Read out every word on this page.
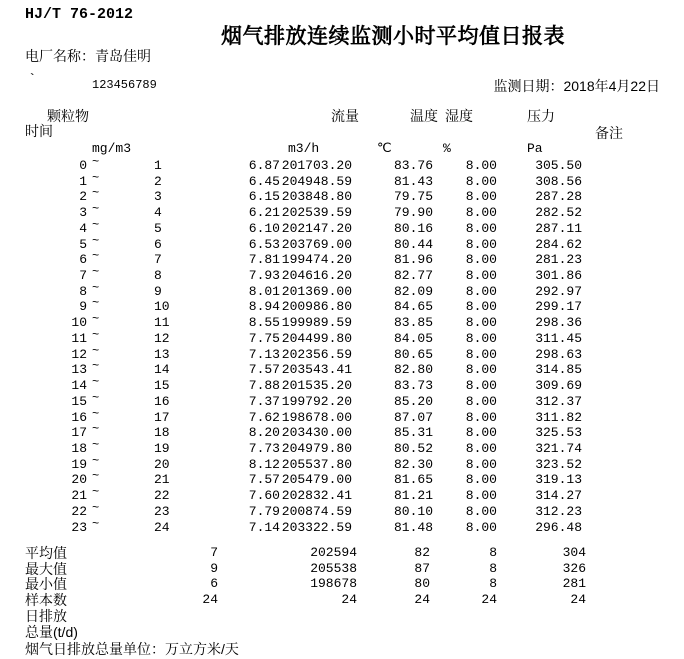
HJ/T 76-2012
烟气排放连续监测小时平均值日报表
电厂名称：青岛佳明
`	123456789	监测日期：2018年4月22日
颗粒物
时间
流量	温度 湿度	压力
备注
mg/m3	m3/h	℃	%	Pa
0 ~	1	6.87 201703.20	83.76	8.00	305.50
1 ~	2	6.45 204948.59	81.43	8.00	308.56
2 ~	3	6.15 203848.80	79.75	8.00	287.28
3 ~	4	6.21 202539.59	79.90	8.00	282.52
4 ~	5	6.10 202147.20	80.16	8.00	287.11
5 ~	6	6.53 203769.00	80.44	8.00	284.62
6 ~	7	7.81 199474.20	81.96	8.00	281.23
7 ~	8	7.93 204616.20	82.77	8.00	301.86
8 ~	9	8.01 201369.00	82.09	8.00	292.97
9 ~	10	8.94 200986.80	84.65	8.00	299.17
10 ~	11	8.55 199989.59	83.85	8.00	298.36
11 ~	12	7.75 204499.80	84.05	8.00	311.45
12 ~	13	7.13 202356.59	80.65	8.00	298.63
13 ~	14	7.57 203543.41	82.80	8.00	314.85
14 ~	15	7.88 201535.20	83.73	8.00	309.69
15 ~	16	7.37 199792.20	85.20	8.00	312.37
16 ~	17	7.62 198678.00	87.07	8.00	311.82
17 ~	18	8.20 203430.00	85.31	8.00	325.53
18 ~	19	7.73 204979.80	80.52	8.00	321.74
19 ~	20	8.12 205537.80	82.30	8.00	323.52
20 ~	21	7.57 205479.00	81.65	8.00	319.13
21 ~	22	7.60 202832.41	81.21	8.00	314.27
22 ~	23	7.79 200874.59	80.10	8.00	312.23
23 ~	24	7.14 203322.59	81.48	8.00	296.48
平均值	7	202594	82	8	304
最大值	9	205538	87	8	326
最小值	6	198678	80	8	281
样本数	24	24	24	24	24
日排放
总量(t/d)
烟气日排放总量单位：万立方米/天
